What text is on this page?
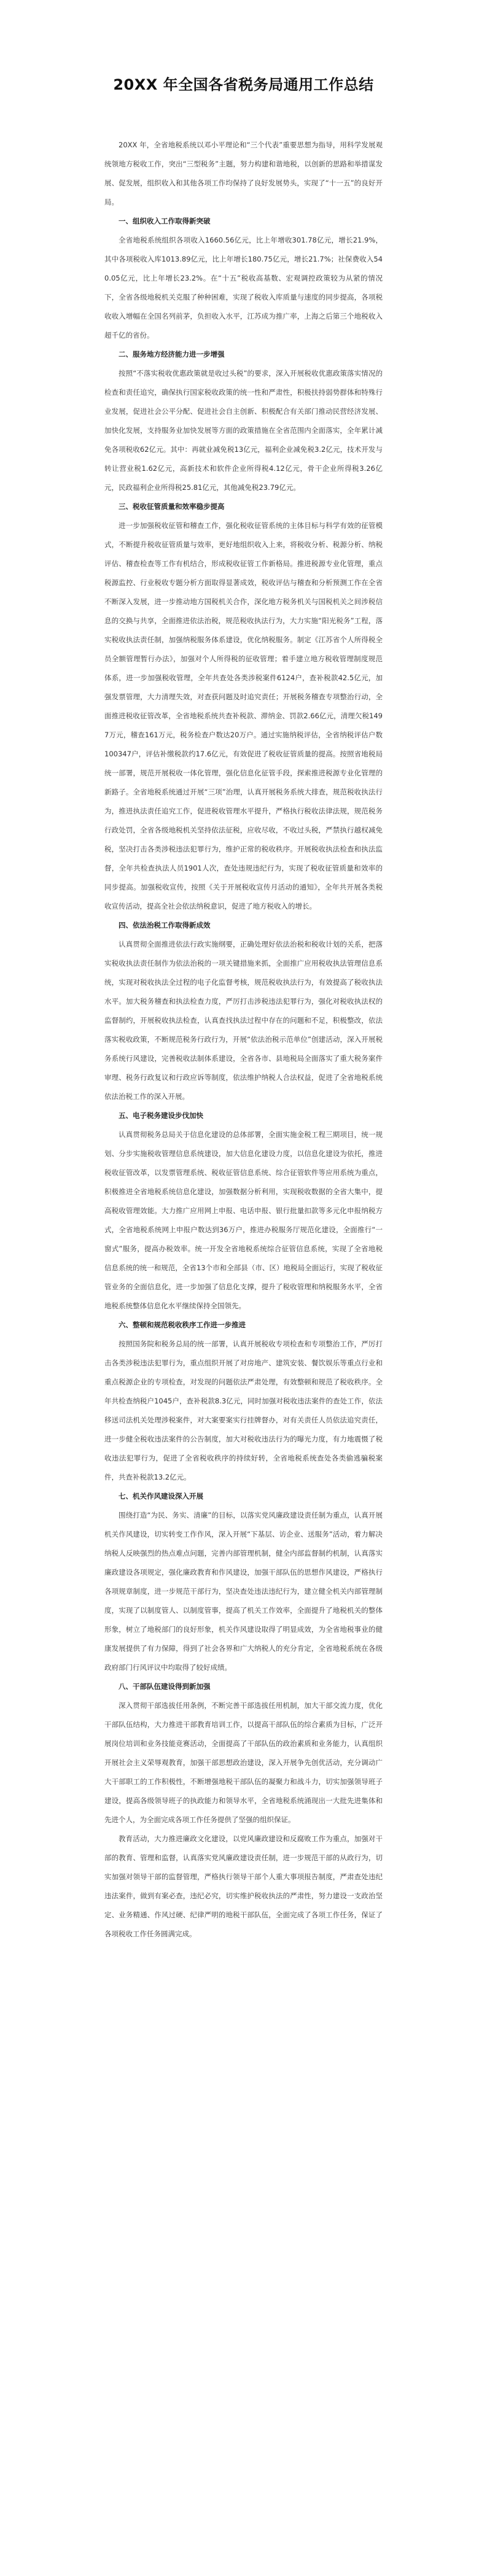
20XX 年全国各省税务局通用工作总结

20XX 年，全省地税系统以邓小平理论和“三个代表”重要思想为指导，用科学发展观统领地方税收工作，突出“三型税务”主题，努力构建和谐地税，以创新的思路和举措谋发展、促发展，组织收入和其他各项工作均保持了良好发展势头，实现了“十一五”的良好开局。

一、组织收入工作取得新突破

全省地税系统组织各项收入1660.56亿元，比上年增收301.78亿元，增长21.9%，其中各项税收入库1013.89亿元，比上年增长180.75亿元，增长21.7%；社保费收入540.05亿元，比上年增长23.2%。在“十五”税收高基数、宏观调控政策较为从紧的情况下，全省各级地税机关克服了种种困难，实现了税收入库质量与速度的同步提高，各项税收收入增幅在全国名列前茅，负担收入水平，江苏成为推广率，上海之后第三个地税收入超千亿的省份。

二、服务地方经济能力进一步增强

按照“不落实税收优惠政策就是收过头税”的要求，深入开展税收优惠政策落实情况的检查和责任追究，确保执行国家税收政策的统一性和严肃性，积极扶持弱势群体和特殊行业发展，促进社会公平分配、促进社会自主创新、积极配合有关部门推动民营经济发展、加快化发展，支持服务业加快发展等方面的政策措施在全省范围内全面落实，全年累计减免各项税收62亿元。其中：再就业减免税13亿元，福利企业减免税3.2亿元，技术开发与转让营业税1.62亿元，高新技术和软件企业所得税4.12亿元，骨干企业所得税3.26亿元，民政福利企业所得税25.81亿元，其他减免税23.79亿元。

三、税收征管质量和效率稳步提高

进一步加强税收征管和稽查工作，强化税收征管系统的主体目标与科学有效的征管模式，不断提升税收征管质量与效率，更好地组织收入上来，将税收分析、税源分析、纳税评估、稽查检查等工作有机结合，形成税收征管工作新格局。推进税源专业化管理，重点税源监控、行业税收专题分析方面取得显著成效，税收评估与稽查和分析预测工作在全省不断深入发展，进一步推动地方国税机关合作，深化地方税务机关与国税机关之间涉税信息的交换与共享，全面推进依法治税，规范税收执法行为，大力实施“阳光税务”工程，落实税收执法责任制，加强纳税服务体系建设，优化纳税服务。制定《江苏省个人所得税全员全额管理暂行办法》，加强对个人所得税的征收管理；着手建立地方税收管理制度规范体系，进一步加强税收管理，全年共查处各类涉税案件6124户，查补税款42.5亿元，加强发票管理，大力清理失效，对查获问题及时追究责任；开展税务稽查专项整治行动，全面推进税收征管改革，全省地税系统共查补税款、滞纳金、罚款2.66亿元，清理欠税1497万元，稽查161万元，税务检查户数达20万户。通过实施纳税评估，全省纳税评估户数100347户，评估补缴税款约17.6亿元，有效促进了税收征管质量的提高。按照省地税局统一部署，规范开展税收一体化管理，强化信息化征管手段，探索推进税源专业化管理的新路子。全省地税系统通过开展“三项”治理，认真开展税务系统大排查，规范税收执法行为，推进执法责任追究工作，促进税收管理水平提升，严格执行税收法律法规，规范税务行政处罚，全省各级地税机关坚持依法征税，应收尽收，不收过头税，严禁执行越权减免税，坚决打击各类涉税违法犯罪行为，维护正常的税收秩序。开展税收执法检查和执法监督，全年共检查执法人员1901人次，查处违规违纪行为，实现了税收征管质量和效率的同步提高。加强税收宣传，按照《关于开展税收宣传月活动的通知》，全年共开展各类税收宣传活动，提高全社会依法纳税意识，促进了地方税收入的增长。

四、依法治税工作取得新成效

认真贯彻全面推进依法行政实施纲要，正确处理好依法治税和税收计划的关系，把落实税收执法责任制作为依法治税的一项关键措施来抓，全面推广应用税收执法管理信息系统，实现对税收执法全过程的电子化监督考核，规范税收执法行为，有效提高了税收执法水平。加大税务稽查和执法检查力度，严厉打击涉税违法犯罪行为，强化对税收执法权的监督制约，开展税收执法检查，认真查找执法过程中存在的问题和不足，积极整改，依法落实税收政策，不断规范税务行政行为，开展“依法治税示范单位”创建活动，深入开展税务系统行风建设，完善税收法制体系建设，全省各市、县地税局全面落实了重大税务案件审理、税务行政复议和行政应诉等制度，依法维护纳税人合法权益，促进了全省地税系统依法治税工作的深入开展。

五、电子税务建设步伐加快

认真贯彻税务总局关于信息化建设的总体部署，全面实施金税工程三期项目，统一规划、分步实施税收管理信息系统建设，加大信息化建设力度，以信息化建设为依托，推进税收征管改革，以发票管理系统、税收征管信息系统、综合征管软件等应用系统为重点，积极推进全省地税系统信息化建设，加强数据分析利用，实现税收数据的全省大集中，提高税收管理效能。大力推广应用网上申报、电话申报、银行批量扣款等多元化申报纳税方式，全省地税系统网上申报户数达到36万户，推进办税服务厅规范化建设，全面推行“一窗式”服务，提高办税效率。统一开发全省地税系统综合征管信息系统，实现了全省地税信息系统的统一和规范，全省13个市和全部县（市、区）地税局全面运行，实现了税收征管业务的全面信息化，进一步加强了信息化支撑，提升了税收管理和纳税服务水平，全省地税系统整体信息化水平继续保持全国领先。

六、整顿和规范税收秩序工作进一步推进

按照国务院和税务总局的统一部署，认真开展税收专项检查和专项整治工作，严厉打击各类涉税违法犯罪行为，重点组织开展了对房地产、建筑安装、餐饮娱乐等重点行业和重点税源企业的专项检查，对发现的问题依法严肃处理，有效整顿和规范了税收秩序。全年共检查纳税户1045户，查补税款8.3亿元，同时加强对税收违法案件的查处工作，依法移送司法机关处理涉税案件，对大案要案实行挂牌督办，对有关责任人员依法追究责任，进一步健全税收违法案件的公告制度，加大对税收违法行为的曝光力度，有力地震慑了税收违法犯罪行为，促进了全省税收秩序的持续好转，全省地税系统查处各类偷逃骗税案件，共查补税款13.2亿元。

七、机关作风建设深入开展

围绕打造“为民、务实、清廉”的目标，以落实党风廉政建设责任制为重点，认真开展机关作风建设，切实转变工作作风，深入开展“下基层、访企业、送服务”活动，着力解决纳税人反映强烈的热点难点问题，完善内部管理机制，健全内部监督制约机制，认真落实廉政建设各项规定，强化廉政教育和作风建设，加强干部队伍的思想作风建设，严格执行各项规章制度，进一步规范干部行为，坚决查处违法违纪行为，建立健全机关内部管理制度，实现了以制度管人、以制度管事，提高了机关工作效率，全面提升了地税机关的整体形象，树立了地税部门的良好形象，机关作风建设取得了明显成效，为全省地税事业的健康发展提供了有力保障，得到了社会各界和广大纳税人的充分肯定，全省地税系统在各级政府部门行风评议中均取得了较好成绩。

八、干部队伍建设得到新加强

深入贯彻干部选拔任用条例，不断完善干部选拔任用机制，加大干部交流力度，优化干部队伍结构，大力推进干部教育培训工作，以提高干部队伍的综合素质为目标，广泛开展岗位培训和业务技能竞赛活动，全面提高了干部队伍的政治素质和业务能力，认真组织开展社会主义荣辱观教育，加强干部思想政治建设，深入开展争先创优活动，充分调动广大干部职工的工作积极性，不断增强地税干部队伍的凝聚力和战斗力，切实加强领导班子建设，提高各级领导班子的执政能力和领导水平，全省地税系统涌现出一大批先进集体和先进个人，为全面完成各项工作任务提供了坚强的组织保证。

教育活动，大力推进廉政文化建设，以党风廉政建设和反腐败工作为重点，加强对干部的教育、管理和监督，认真落实党风廉政建设责任制，进一步规范干部的从政行为，切实加强对领导干部的监督管理，严格执行领导干部个人重大事项报告制度，严肃查处违纪违法案件，做到有案必查，违纪必究，切实维护税收执法的严肃性，努力建设一支政治坚定、业务精通、作风过硬、纪律严明的地税干部队伍，全面完成了各项工作任务，保证了各项税收工作任务圆满完成。
